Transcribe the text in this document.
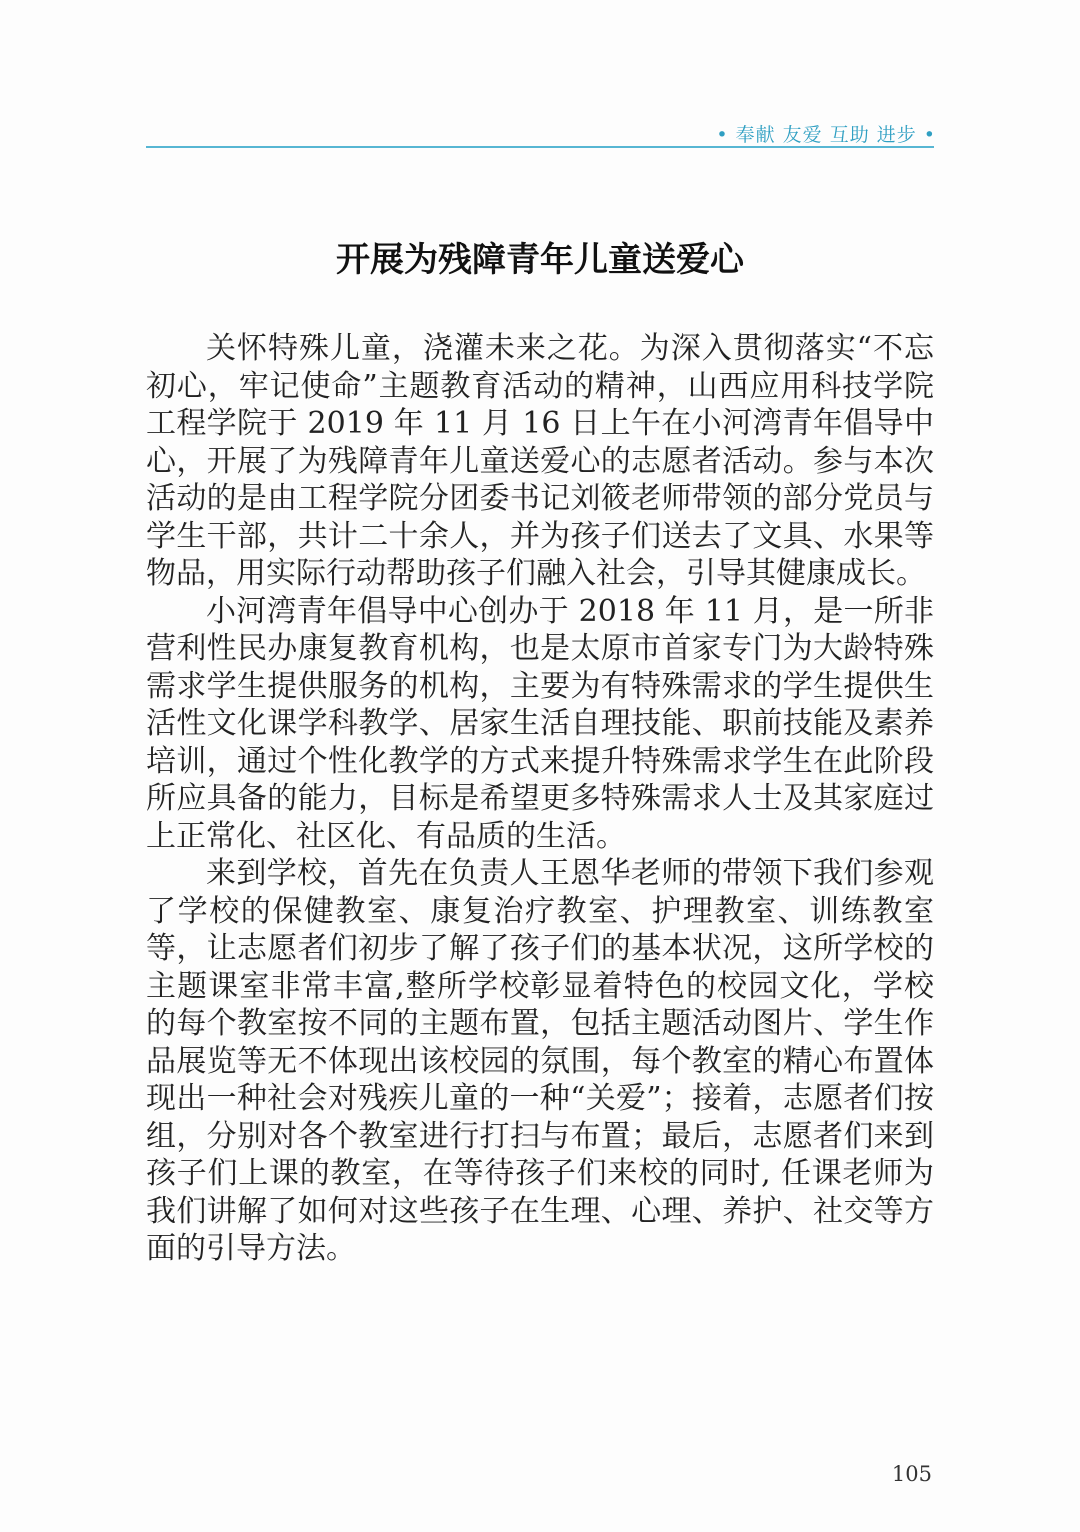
• 奉献 友爱 互助 进步 •
开展为残障青年儿童送爱心

关怀特殊儿童，浇灌未来之花。为深入贯彻落实“不忘初心，牢记使命”主题教育活动的精神，山西应用科技学院工程学院于 2019 年 11 月 16 日上午在小河湾青年倡导中心，开展了为残障青年儿童送爱心的志愿者活动。参与本次活动的是由工程学院分团委书记刘筱老师带领的部分党员与学生干部，共计二十余人，并为孩子们送去了文具、水果等物品，用实际行动帮助孩子们融入社会，引导其健康成长。

小河湾青年倡导中心创办于 2018 年 11 月，是一所非营利性民办康复教育机构，也是太原市首家专门为大龄特殊需求学生提供服务的机构，主要为有特殊需求的学生提供生活性文化课学科教学、居家生活自理技能、职前技能及素养培训，通过个性化教学的方式来提升特殊需求学生在此阶段所应具备的能力，目标是希望更多特殊需求人士及其家庭过上正常化、社区化、有品质的生活。

来到学校，首先在负责人王恩华老师的带领下我们参观了学校的保健教室、康复治疗教室、护理教室、训练教室等，让志愿者们初步了解了孩子们的基本状况，这所学校的主题课室非常丰富,整所学校彰显着特色的校园文化，学校的每个教室按不同的主题布置，包括主题活动图片、学生作品展览等无不体现出该校园的氛围，每个教室的精心布置体现出一种社会对残疾儿童的一种“关爱”；接着，志愿者们按组，分别对各个教室进行打扫与布置；最后，志愿者们来到孩子们上课的教室，在等待孩子们来校的同时, 任课老师为我们讲解了如何对这些孩子在生理、心理、养护、社交等方面的引导方法。

105
